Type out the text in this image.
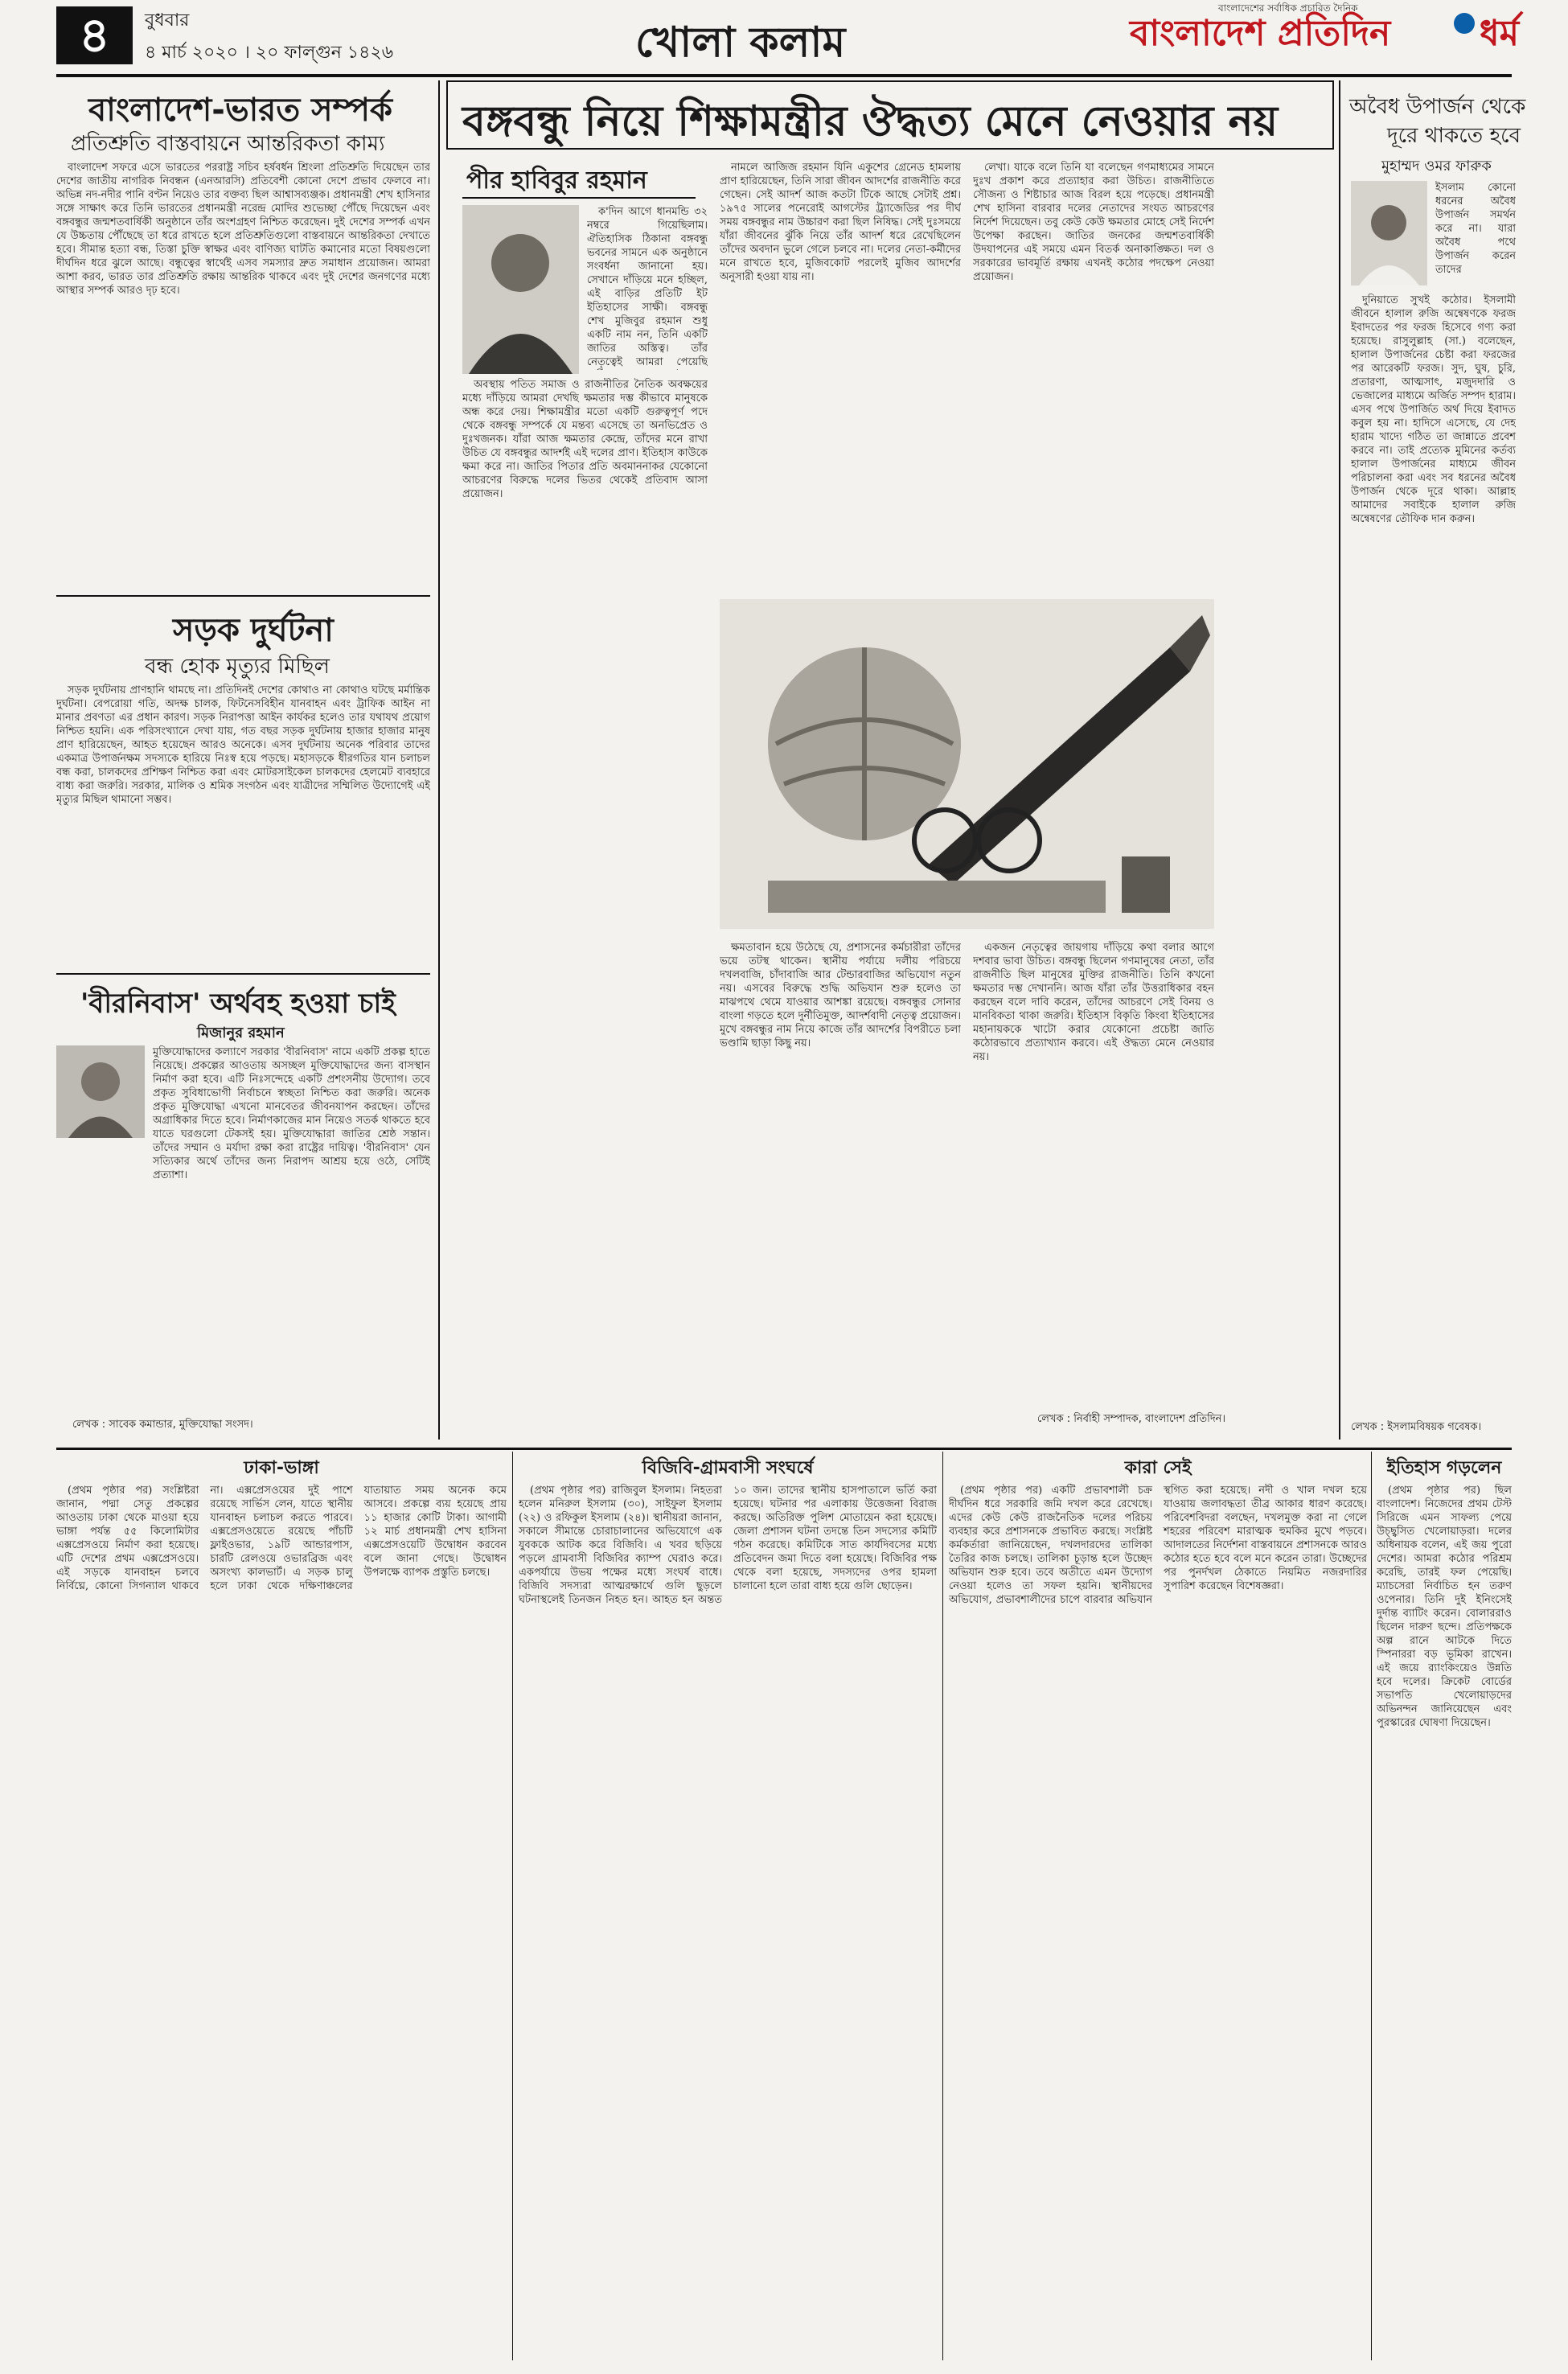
৪	বুধবার
৪ মার্চ ২০২০ । ২০ ফাল্গুন ১৪২৬	খোলা কলাম
বাংলাদেশের সর্বাধিক প্রচারিত দৈনিক
বাংলাদেশ প্রতিদিন	ধর্ম
বাংলাদেশ-ভারত সম্পর্ক
প্রতিশ্রুতি বাস্তবায়নে আন্তরিকতা কাম্য

বাংলাদেশ সফরে এসে ভারতের পররাষ্ট্র সচিব হর্ষবর্ধন শ্রিংলা প্রতিশ্রুতি দিয়েছেন তার দেশের জাতীয় নাগরিক নিবন্ধন (এনআরসি) প্রতিবেশী কোনো দেশে প্রভাব ফেলবে না। অভিন্ন নদ-নদীর পানি বণ্টন নিয়েও তার বক্তব্য ছিল আশ্বাসব্যঞ্জক। প্রধানমন্ত্রী শেখ হাসিনার সঙ্গে সাক্ষাৎ করে তিনি ভারতের প্রধানমন্ত্রী নরেন্দ্র মোদির শুভেচ্ছা পৌঁছে দিয়েছেন এবং বঙ্গবন্ধুর জন্মশতবার্ষিকী অনুষ্ঠানে তাঁর অংশগ্রহণ নিশ্চিত করেছেন। দুই দেশের সম্পর্ক এখন যে উচ্চতায় পৌঁছেছে তা ধরে রাখতে হলে প্রতিশ্রুতিগুলো বাস্তবায়নে আন্তরিকতা দেখাতে হবে। সীমান্ত হত্যা বন্ধ, তিস্তা চুক্তি স্বাক্ষর এবং বাণিজ্য ঘাটতি কমানোর মতো বিষয়গুলো দীর্ঘদিন ধরে ঝুলে আছে। বন্ধুত্বের স্বার্থেই এসব সমস্যার দ্রুত সমাধান প্রয়োজন। আমরা আশা করব, ভারত তার প্রতিশ্রুতি রক্ষায় আন্তরিক থাকবে এবং দুই দেশের জনগণের মধ্যে আস্থার সম্পর্ক আরও দৃঢ় হবে।

সড়ক দুর্ঘটনা
বন্ধ হোক মৃত্যুর মিছিল

সড়ক দুর্ঘটনায় প্রাণহানি থামছে না। প্রতিদিনই দেশের কোথাও না কোথাও ঘটছে মর্মান্তিক দুর্ঘটনা। বেপরোয়া গতি, অদক্ষ চালক, ফিটনেসবিহীন যানবাহন এবং ট্রাফিক আইন না মানার প্রবণতা এর প্রধান কারণ। সড়ক নিরাপত্তা আইন কার্যকর হলেও তার যথাযথ প্রয়োগ নিশ্চিত হয়নি। এক পরিসংখ্যানে দেখা যায়, গত বছর সড়ক দুর্ঘটনায় হাজার হাজার মানুষ প্রাণ হারিয়েছেন, আহত হয়েছেন আরও অনেকে। এসব দুর্ঘটনায় অনেক পরিবার তাদের একমাত্র উপার্জনক্ষম সদস্যকে হারিয়ে নিঃস্ব হয়ে পড়ছে। মহাসড়কে ধীরগতির যান চলাচল বন্ধ করা, চালকদের প্রশিক্ষণ নিশ্চিত করা এবং মোটরসাইকেল চালকদের হেলমেট ব্যবহারে বাধ্য করা জরুরি। সরকার, মালিক ও শ্রমিক সংগঠন এবং যাত্রীদের সম্মিলিত উদ্যোগেই এই মৃত্যুর মিছিল থামানো সম্ভব।

'বীরনিবাস' অর্থবহ হওয়া চাই
মিজানুর রহমান

মুক্তিযোদ্ধাদের কল্যাণে সরকার 'বীরনিবাস' নামে একটি প্রকল্প হাতে নিয়েছে। প্রকল্পের আওতায় অসচ্ছল মুক্তিযোদ্ধাদের জন্য বাসস্থান নির্মাণ করা হবে। এটি নিঃসন্দেহে একটি প্রশংসনীয় উদ্যোগ। তবে প্রকৃত সুবিধাভোগী নির্বাচনে স্বচ্ছতা নিশ্চিত করা জরুরি। অনেক প্রকৃত মুক্তিযোদ্ধা এখনো মানবেতর জীবনযাপন করছেন। তাঁদের অগ্রাধিকার দিতে হবে। নির্মাণকাজের মান নিয়েও সতর্ক থাকতে হবে যাতে ঘরগুলো টেকসই হয়। মুক্তিযোদ্ধারা জাতির শ্রেষ্ঠ সন্তান। তাঁদের সম্মান ও মর্যাদা রক্ষা করা রাষ্ট্রের দায়িত্ব। 'বীরনিবাস' যেন সত্যিকার অর্থে তাঁদের জন্য নিরাপদ আশ্রয় হয়ে ওঠে, সেটিই প্রত্যাশা।

লেখক : সাবেক কমান্ডার, মুক্তিযোদ্ধা সংসদ।
বঙ্গবন্ধু নিয়ে শিক্ষামন্ত্রীর ঔদ্ধত্য মেনে নেওয়ার নয়
পীর হাবিবুর রহমান

ক'দিন আগে ধানমন্ডি ৩২ নম্বরে গিয়েছিলাম। ঐতিহাসিক ঠিকানা বঙ্গবন্ধু ভবনের সামনে এক অনুষ্ঠানে সংবর্ধনা জানানো হয়। সেখানে দাঁড়িয়ে মনে হচ্ছিল, এই বাড়ির প্রতিটি ইট ইতিহাসের সাক্ষী। বঙ্গবন্ধু শেখ মুজিবুর রহমান শুধু একটি নাম নন, তিনি একটি জাতির অস্তিত্ব। তাঁর নেতৃত্বেই আমরা পেয়েছি

অবস্থায় পতিত সমাজ ও রাজনীতির নৈতিক অবক্ষয়ের মধ্যে দাঁড়িয়ে আমরা দেখছি ক্ষমতার দম্ভ কীভাবে মানুষকে অন্ধ করে দেয়। শিক্ষামন্ত্রীর মতো একটি গুরুত্বপূর্ণ পদে থেকে বঙ্গবন্ধু সম্পর্কে যে মন্তব্য এসেছে তা অনভিপ্রেত ও দুঃখজনক। যাঁরা আজ ক্ষমতার কেন্দ্রে, তাঁদের মনে রাখা উচিত যে বঙ্গবন্ধুর আদর্শই এই দলের প্রাণ। ইতিহাস কাউকে ক্ষমা করে না। জাতির পিতার প্রতি অবমাননাকর যেকোনো আচরণের বিরুদ্ধে দলের ভিতর থেকেই প্রতিবাদ আসা প্রয়োজন।

নামলে আজিজ রহমান যিনি একুশের গ্রেনেড হামলায় প্রাণ হারিয়েছেন, তিনি সারা জীবন আদর্শের রাজনীতি করে গেছেন। সেই আদর্শ আজ কতটা টিকে আছে সেটাই প্রশ্ন। ১৯৭৫ সালের পনেরোই আগস্টের ট্র্যাজেডির পর দীর্ঘ সময় বঙ্গবন্ধুর নাম উচ্চারণ করা ছিল নিষিদ্ধ। সেই দুঃসময়ে যাঁরা জীবনের ঝুঁকি নিয়ে তাঁর আদর্শ ধরে রেখেছিলেন তাঁদের অবদান ভুলে গেলে চলবে না। দলের নেতা-কর্মীদের মনে রাখতে হবে, মুজিবকোট পরলেই মুজিব আদর্শের অনুসারী হওয়া যায় না।

লেখা। যাকে বলে তিনি যা বলেছেন গণমাধ্যমের সামনে দুঃখ প্রকাশ করে প্রত্যাহার করা উচিত। রাজনীতিতে সৌজন্য ও শিষ্টাচার আজ বিরল হয়ে পড়েছে। প্রধানমন্ত্রী শেখ হাসিনা বারবার দলের নেতাদের সংযত আচরণের নির্দেশ দিয়েছেন। তবু কেউ কেউ ক্ষমতার মোহে সেই নির্দেশ উপেক্ষা করছেন। জাতির জনকের জন্মশতবার্ষিকী উদযাপনের এই সময়ে এমন বিতর্ক অনাকাঙ্ক্ষিত। দল ও সরকারের ভাবমূর্তি রক্ষায় এখনই কঠোর পদক্ষেপ নেওয়া প্রয়োজন।

ক্ষমতাবান হয়ে উঠেছে যে, প্রশাসনের কর্মচারীরা তাঁদের ভয়ে তটস্থ থাকেন। স্থানীয় পর্যায়ে দলীয় পরিচয়ে দখলবাজি, চাঁদাবাজি আর টেন্ডারবাজির অভিযোগ নতুন নয়। এসবের বিরুদ্ধে শুদ্ধি অভিযান শুরু হলেও তা মাঝপথে থেমে যাওয়ার আশঙ্কা রয়েছে। বঙ্গবন্ধুর সোনার বাংলা গড়তে হলে দুর্নীতিমুক্ত, আদর্শবাদী নেতৃত্ব প্রয়োজন। মুখে বঙ্গবন্ধুর নাম নিয়ে কাজে তাঁর আদর্শের বিপরীতে চলা ভণ্ডামি ছাড়া কিছু নয়।

একজন নেতৃত্বের জায়গায় দাঁড়িয়ে কথা বলার আগে দশবার ভাবা উচিত। বঙ্গবন্ধু ছিলেন গণমানুষের নেতা, তাঁর রাজনীতি ছিল মানুষের মুক্তির রাজনীতি। তিনি কখনো ক্ষমতার দম্ভ দেখাননি। আজ যাঁরা তাঁর উত্তরাধিকার বহন করছেন বলে দাবি করেন, তাঁদের আচরণে সেই বিনয় ও মানবিকতা থাকা জরুরি। ইতিহাস বিকৃতি কিংবা ইতিহাসের মহানায়ককে খাটো করার যেকোনো প্রচেষ্টা জাতি কঠোরভাবে প্রত্যাখ্যান করবে। এই ঔদ্ধত্য মেনে নেওয়ার নয়।

লেখক : নির্বাহী সম্পাদক, বাংলাদেশ প্রতিদিন।
অবৈধ উপার্জন থেকে
দূরে থাকতে হবে
মুহাম্মদ ওমর ফারুক

ইসলাম কোনো ধরনের অবৈধ উপার্জন সমর্থন করে না। যারা অবৈধ পথে উপার্জন করেন তাদের

দুনিয়াতে সুখই কঠোর। ইসলামী জীবনে হালাল রুজি অন্বেষণকে ফরজ ইবাদতের পর ফরজ হিসেবে গণ্য করা হয়েছে। রাসুলুল্লাহ (সা.) বলেছেন, হালাল উপার্জনের চেষ্টা করা ফরজের পর আরেকটি ফরজ। সুদ, ঘুষ, চুরি, প্রতারণা, আত্মসাৎ, মজুদদারি ও ভেজালের মাধ্যমে অর্জিত সম্পদ হারাম। এসব পথে উপার্জিত অর্থ দিয়ে ইবাদত কবুল হয় না। হাদিসে এসেছে, যে দেহ হারাম খাদ্যে গঠিত তা জান্নাতে প্রবেশ করবে না। তাই প্রত্যেক মুমিনের কর্তব্য হালাল উপার্জনের মাধ্যমে জীবন পরিচালনা করা এবং সব ধরনের অবৈধ উপার্জন থেকে দূরে থাকা। আল্লাহ আমাদের সবাইকে হালাল রুজি অন্বেষণের তৌফিক দান করুন।

লেখক : ইসলামবিষয়ক গবেষক।
ঢাকা-ভাঙ্গা

(প্রথম পৃষ্ঠার পর) সংশ্লিষ্টরা জানান, পদ্মা সেতু প্রকল্পের আওতায় ঢাকা থেকে মাওয়া হয়ে ভাঙ্গা পর্যন্ত ৫৫ কিলোমিটার এক্সপ্রেসওয়ে নির্মাণ করা হয়েছে। এটি দেশের প্রথম এক্সপ্রেসওয়ে। এই সড়কে যানবাহন চলবে নির্বিঘ্নে, কোনো সিগন্যাল থাকবে না। এক্সপ্রেসওয়ের দুই পাশে রয়েছে সার্ভিস লেন, যাতে স্থানীয় যানবাহন চলাচল করতে পারবে। এক্সপ্রেসওয়েতে রয়েছে পাঁচটি ফ্লাইওভার, ১৯টি আন্ডারপাস, চারটি রেলওয়ে ওভারব্রিজ এবং অসংখ্য কালভার্ট। এ সড়ক চালু হলে ঢাকা থেকে দক্ষিণাঞ্চলের যাতায়াত সময় অনেক কমে আসবে। প্রকল্পে ব্যয় হয়েছে প্রায় ১১ হাজার কোটি টাকা। আগামী ১২ মার্চ প্রধানমন্ত্রী শেখ হাসিনা এক্সপ্রেসওয়েটি উদ্বোধন করবেন বলে জানা গেছে। উদ্বোধন উপলক্ষে ব্যাপক প্রস্তুতি চলছে।

বিজিবি-গ্রামবাসী সংঘর্ষে

(প্রথম পৃষ্ঠার পর) রাজিবুল ইসলাম। নিহতরা হলেন মনিরুল ইসলাম (৩০), সাইফুল ইসলাম (২২) ও রফিকুল ইসলাম (২৪)। স্থানীয়রা জানান, সকালে সীমান্তে চোরাচালানের অভিযোগে এক যুবককে আটক করে বিজিবি। এ খবর ছড়িয়ে পড়লে গ্রামবাসী বিজিবির ক্যাম্প ঘেরাও করে। একপর্যায়ে উভয় পক্ষের মধ্যে সংঘর্ষ বাধে। বিজিবি সদস্যরা আত্মরক্ষার্থে গুলি ছুড়লে ঘটনাস্থলেই তিনজন নিহত হন। আহত হন অন্তত ১০ জন। তাদের স্থানীয় হাসপাতালে ভর্তি করা হয়েছে। ঘটনার পর এলাকায় উত্তেজনা বিরাজ করছে। অতিরিক্ত পুলিশ মোতায়েন করা হয়েছে। জেলা প্রশাসন ঘটনা তদন্তে তিন সদস্যের কমিটি গঠন করেছে। কমিটিকে সাত কার্যদিবসের মধ্যে প্রতিবেদন জমা দিতে বলা হয়েছে। বিজিবির পক্ষ থেকে বলা হয়েছে, সদস্যদের ওপর হামলা চালানো হলে তারা বাধ্য হয়ে গুলি ছোড়েন।

কারা সেই

(প্রথম পৃষ্ঠার পর) একটি প্রভাবশালী চক্র দীর্ঘদিন ধরে সরকারি জমি দখল করে রেখেছে। এদের কেউ কেউ রাজনৈতিক দলের পরিচয় ব্যবহার করে প্রশাসনকে প্রভাবিত করছে। সংশ্লিষ্ট কর্মকর্তারা জানিয়েছেন, দখলদারদের তালিকা তৈরির কাজ চলছে। তালিকা চূড়ান্ত হলে উচ্ছেদ অভিযান শুরু হবে। তবে অতীতে এমন উদ্যোগ নেওয়া হলেও তা সফল হয়নি। স্থানীয়দের অভিযোগ, প্রভাবশালীদের চাপে বারবার অভিযান স্থগিত করা হয়েছে। নদী ও খাল দখল হয়ে যাওয়ায় জলাবদ্ধতা তীব্র আকার ধারণ করেছে। পরিবেশবিদরা বলছেন, দখলমুক্ত করা না গেলে শহরের পরিবেশ মারাত্মক হুমকির মুখে পড়বে। আদালতের নির্দেশনা বাস্তবায়নে প্রশাসনকে আরও কঠোর হতে হবে বলে মনে করেন তারা। উচ্ছেদের পর পুনর্দখল ঠেকাতে নিয়মিত নজরদারির সুপারিশ করেছেন বিশেষজ্ঞরা।

ইতিহাস গড়লেন

(প্রথম পৃষ্ঠার পর) ছিল বাংলাদেশ। নিজেদের প্রথম টেস্ট সিরিজে এমন সাফল্য পেয়ে উচ্ছ্বসিত খেলোয়াড়রা। দলের অধিনায়ক বলেন, এই জয় পুরো দেশের। আমরা কঠোর পরিশ্রম করেছি, তারই ফল পেয়েছি। ম্যাচসেরা নির্বাচিত হন তরুণ ওপেনার। তিনি দুই ইনিংসেই দুর্দান্ত ব্যাটিং করেন। বোলাররাও ছিলেন দারুণ ছন্দে। প্রতিপক্ষকে অল্প রানে আটকে দিতে স্পিনাররা বড় ভূমিকা রাখেন। এই জয়ে র‌্যাংকিংয়েও উন্নতি হবে দলের। ক্রিকেট বোর্ডের সভাপতি খেলোয়াড়দের অভিনন্দন জানিয়েছেন এবং পুরস্কারের ঘোষণা দিয়েছেন।
